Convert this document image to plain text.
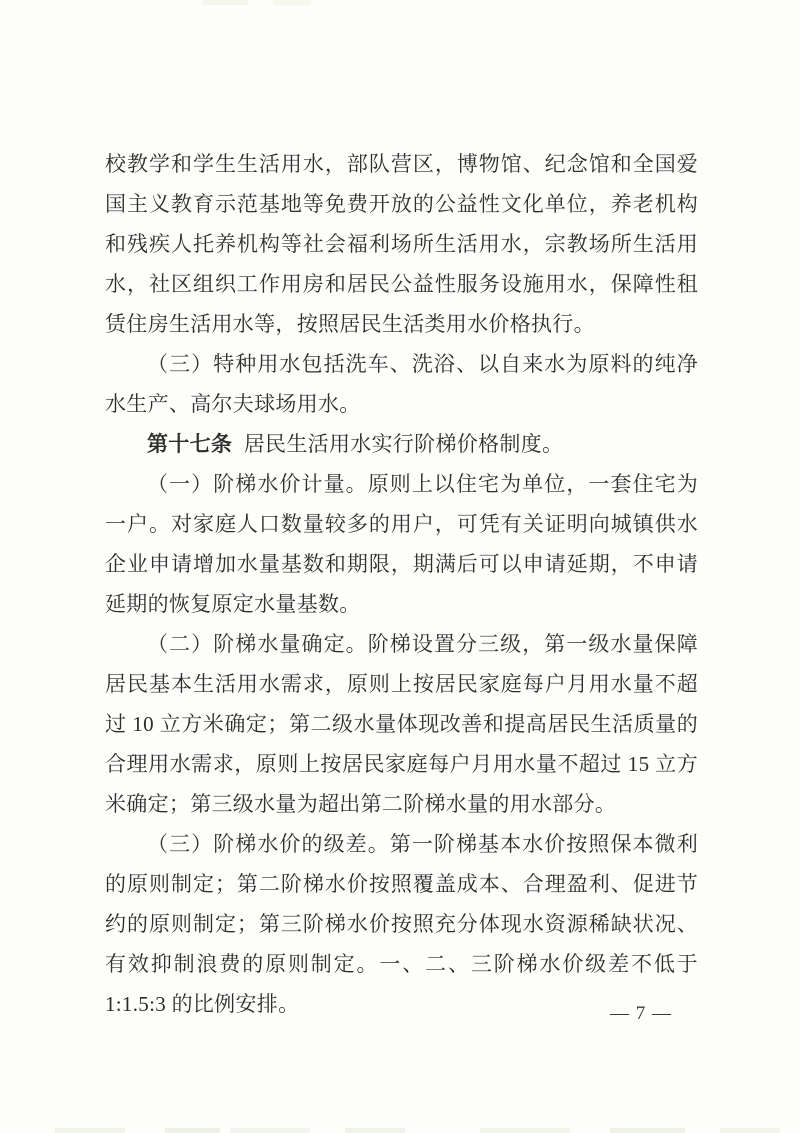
校教学和学生生活用水，部队营区，博物馆、纪念馆和全国爱国主义教育示范基地等免费开放的公益性文化单位，养老机构和残疾人托养机构等社会福利场所生活用水，宗教场所生活用水，社区组织工作用房和居民公益性服务设施用水，保障性租赁住房生活用水等，按照居民生活类用水价格执行。

（三）特种用水包括洗车、洗浴、以自来水为原料的纯净水生产、高尔夫球场用水。

第十七条 居民生活用水实行阶梯价格制度。

（一）阶梯水价计量。原则上以住宅为单位，一套住宅为一户。对家庭人口数量较多的用户，可凭有关证明向城镇供水企业申请增加水量基数和期限，期满后可以申请延期，不申请延期的恢复原定水量基数。

（二）阶梯水量确定。阶梯设置分三级，第一级水量保障居民基本生活用水需求，原则上按居民家庭每户月用水量不超过 10 立方米确定；第二级水量体现改善和提高居民生活质量的合理用水需求，原则上按居民家庭每户月用水量不超过 15 立方米确定；第三级水量为超出第二阶梯水量的用水部分。

（三）阶梯水价的级差。第一阶梯基本水价按照保本微利的原则制定；第二阶梯水价按照覆盖成本、合理盈利、促进节约的原则制定；第三阶梯水价按照充分体现水资源稀缺状况、有效抑制浪费的原则制定。一、二、三阶梯水价级差不低于 1:1.5:3 的比例安排。	— 7 —
